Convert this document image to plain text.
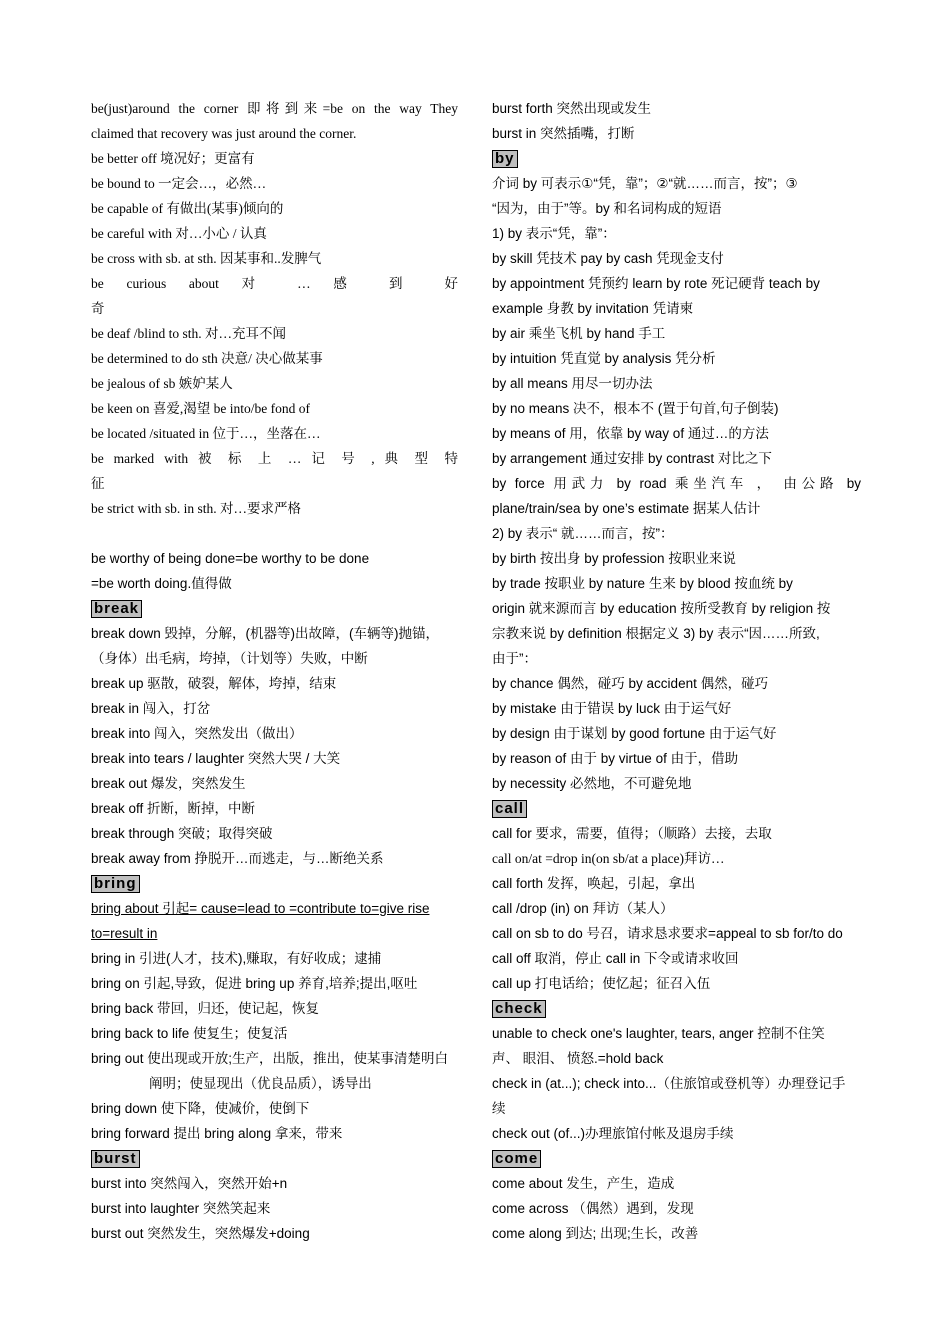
be(just)around the corner 即将到来=be on the way They
claimed that recovery was just around the corner.
be better off 境况好；更富有
be bound to 一定会…，必然…
be capable of 有做出(某事)倾向的
be careful with 对…小心 / 认真
be cross with sb. at sth. 因某事和..发脾气
be curious about 对 … 感 到 好
奇
be deaf /blind to sth. 对…充耳不闻
be determined to do sth 决意/ 决心做某事
be jealous of sb 嫉妒某人
be keen on 喜爱,渴望 be into/be fond of
be located /situated in 位于…，坐落在…
be marked with 被 标 上 … 记 号 , 典 型 特
征
be strict with sb. in sth. 对…要求严格
be worthy of being done=be worthy to be done
=be worth doing.值得做
break
break down 毁掉，分解，(机器等)出故障，(车辆等)抛锚，
（身体）出毛病，垮掉，（计划等）失败，中断
break up 驱散，破裂，解体，垮掉，结束
break in 闯入，打岔
break into 闯入，突然发出（做出）
break into tears / laughter 突然大哭 / 大笑
break out 爆发，突然发生
break off 折断，断掉，中断
break through 突破；取得突破
break away from 挣脱开…而逃走，与…断绝关系
bring
bring about 引起= cause=lead to =contribute to=give rise
to=result in
bring in 引进(人才，技术),赚取，有好收成；逮捕
bring on 引起,导致，促进 bring up 养育,培养;提出,呕吐
bring back 带回，归还，使记起，恢复
bring back to life 使复生；使复活
bring out 使出现或开放;生产，出版，推出，使某事清楚明白
阐明；使显现出（优良品质），诱导出
bring down 使下降，使减价，使倒下
bring forward 提出 bring along 拿来，带来
burst
burst into 突然闯入，突然开始+n
burst into laughter 突然笑起来
burst out 突然发生，突然爆发+doing
burst forth 突然出现或发生
burst in 突然插嘴，打断
by
介词 by 可表示①“凭，靠”；②“就……而言，按”；③
“因为，由于”等。by 和名词构成的短语
1) by 表示“凭，靠”：
by skill 凭技术 pay by cash 凭现金支付
by appointment 凭预约 learn by rote 死记硬背 teach by
example 身教 by invitation 凭请柬
by air 乘坐飞机 by hand 手工
by intuition 凭直觉 by analysis 凭分析
by all means 用尽一切办法
by no means 决不，根本不 (置于句首,句子倒装)
by means of 用，依靠 by way of 通过…的方法
by arrangement 通过安排 by contrast 对比之下
by force 用武力 by road 乘坐汽车 ， 由公路 by
plane/train/sea by one’s estimate 据某人估计
2) by 表示“ 就……而言，按”：
by birth 按出身 by profession 按职业来说
by trade 按职业 by nature 生来 by blood 按血统 by
origin 就来源而言 by education 按所受教育 by religion 按
宗教来说 by definition 根据定义 3) by 表示“因……所致,
由于”：
by chance 偶然，碰巧 by accident 偶然，碰巧
by mistake 由于错误 by luck 由于运气好
by design 由于谋划 by good fortune 由于运气好
by reason of 由于 by virtue of 由于，借助
by necessity 必然地，不可避免地
call
call for 要求，需要，值得；（顺路）去接，去取
call on/at =drop in(on sb/at a place)拜访…
call forth 发挥，唤起，引起，拿出
call /drop (in) on 拜访（某人）
call on sb to do 号召，请求恳求要求=appeal to sb for/to do
call off 取消，停止 call in 下令或请求收回
call up 打电话给；使忆起；征召入伍
check
unable to check one's laughter, tears, anger 控制不住笑
声、 眼泪、 愤怒.=hold back
check in (at...); check into...（住旅馆或登机等）办理登记手
续
check out (of...)办理旅馆付帐及退房手续
come
come about 发生，产生，造成
come across （偶然）遇到，发现
come along 到达; 出现;生长，改善
